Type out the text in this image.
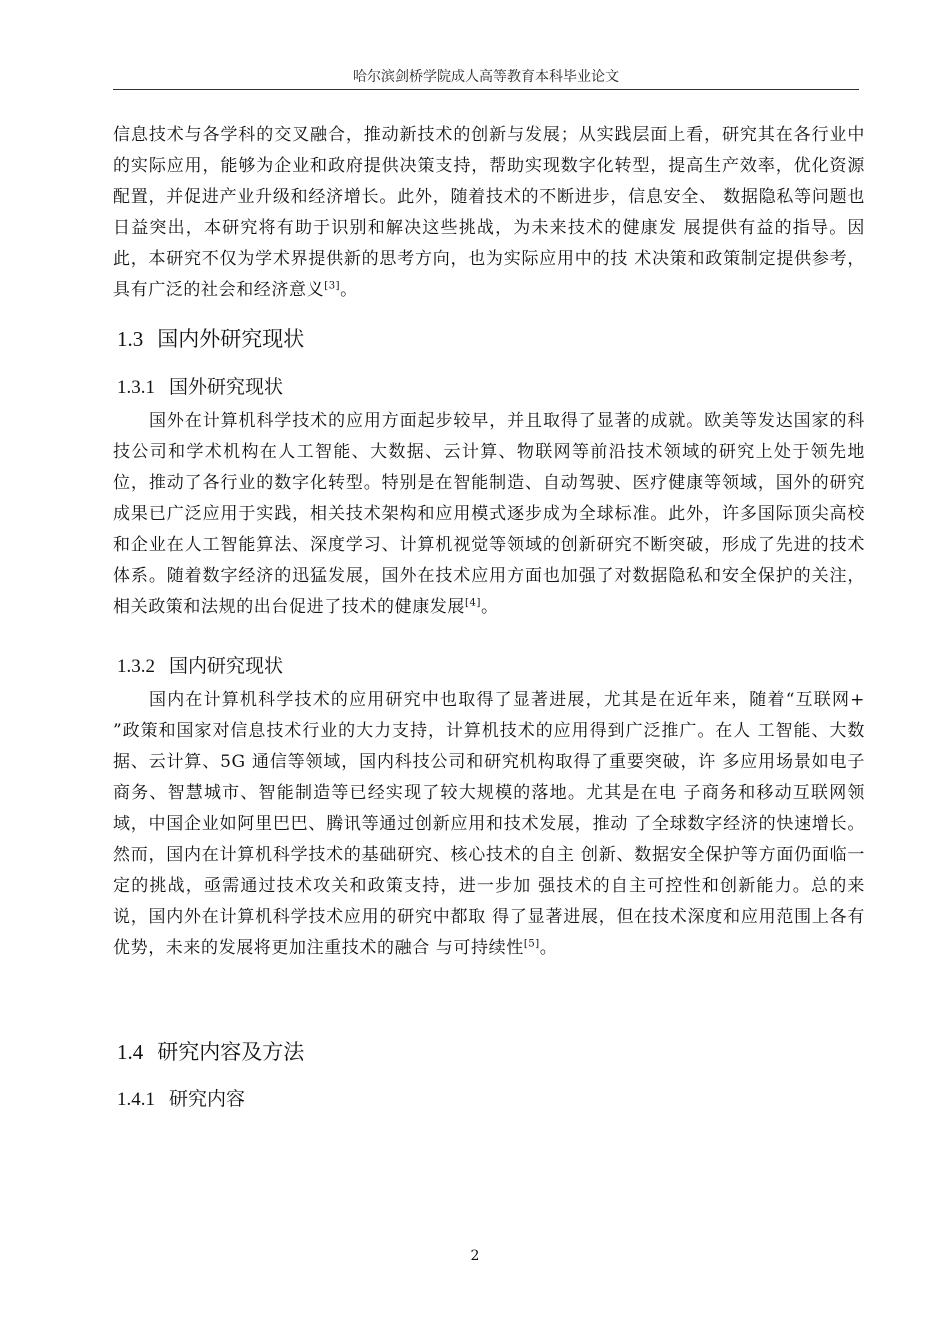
哈尔滨剑桥学院成人高等教育本科毕业论文

信息技术与各学科的交叉融合，推动新技术的创新与发展；从实践层面上看，研究其在各行业中的实际应用，能够为企业和政府提供决策支持，帮助实现数字化转型，提高生产效率，优化资源配置，并促进产业升级和经济增长。此外，随着技术的不断进步，信息安全、 数据隐私等问题也日益突出，本研究将有助于识别和解决这些挑战，为未来技术的健康发 展提供有益的指导。因此，本研究不仅为学术界提供新的思考方向，也为实际应用中的技 术决策和政策制定提供参考，具有广泛的社会和经济意义[3]。

1.3 国内外研究现状
1.3.1 国外研究现状

国外在计算机科学技术的应用方面起步较早，并且取得了显著的成就。欧美等发达国家的科技公司和学术机构在人工智能、大数据、云计算、物联网等前沿技术领域的研究上处于领先地位，推动了各行业的数字化转型。特别是在智能制造、自动驾驶、医疗健康等领域，国外的研究成果已广泛应用于实践，相关技术架构和应用模式逐步成为全球标准。此外，许多国际顶尖高校和企业在人工智能算法、深度学习、计算机视觉等领域的创新研究不断突破，形成了先进的技术体系。随着数字经济的迅猛发展，国外在技术应用方面也加强了对数据隐私和安全保护的关注，相关政策和法规的出台促进了技术的健康发展[4]。

1.3.2 国内研究现状

国内在计算机科学技术的应用研究中也取得了显著进展，尤其是在近年来，随着“互联网+ ”政策和国家对信息技术行业的大力支持，计算机技术的应用得到广泛推广。在人 工智能、大数据、云计算、5G 通信等领域，国内科技公司和研究机构取得了重要突破，许 多应用场景如电子商务、智慧城市、智能制造等已经实现了较大规模的落地。尤其是在电 子商务和移动互联网领域，中国企业如阿里巴巴、腾讯等通过创新应用和技术发展，推动 了全球数字经济的快速增长。然而，国内在计算机科学技术的基础研究、核心技术的自主 创新、数据安全保护等方面仍面临一定的挑战，亟需通过技术攻关和政策支持，进一步加 强技术的自主可控性和创新能力。总的来说，国内外在计算机科学技术应用的研究中都取 得了显著进展，但在技术深度和应用范围上各有优势，未来的发展将更加注重技术的融合 与可持续性[5]。

1.4 研究内容及方法
1.4.1 研究内容
2
